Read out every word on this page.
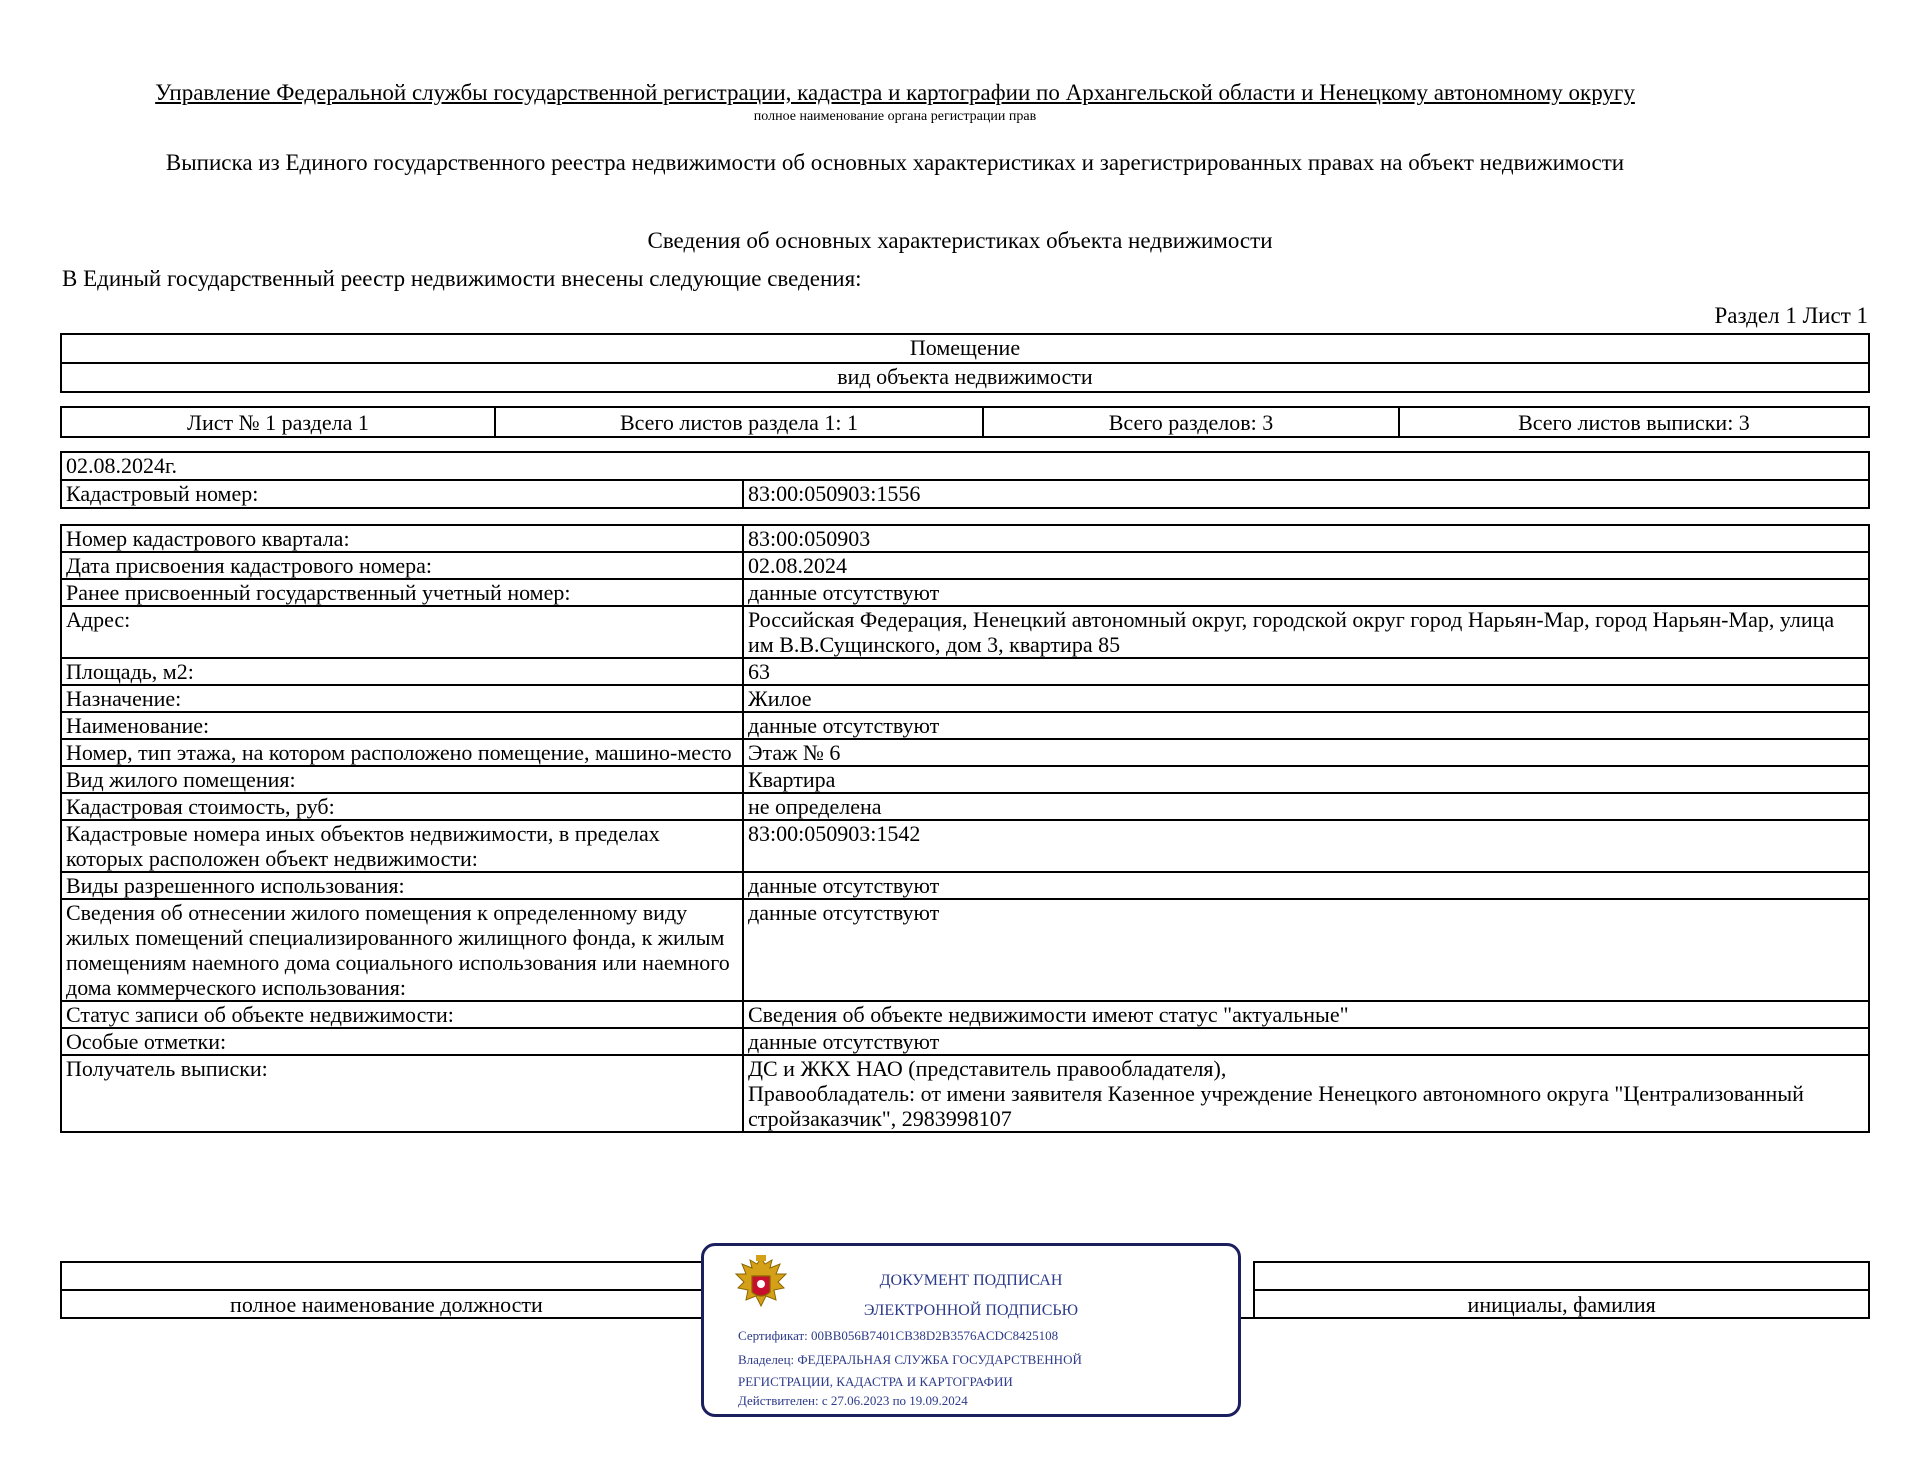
Управление Федеральной службы государственной регистрации, кадастра и картографии по Архангельской области и Ненецкому автономному округу
полное наименование органа регистрации прав
Выписка из Единого государственного реестра недвижимости об основных характеристиках и зарегистрированных правах на объект недвижимости
Сведения об основных характеристиках объекта недвижимости
В Единый государственный реестр недвижимости внесены следующие сведения:
Раздел 1 Лист 1
Помещение
вид объекта недвижимости
Лист № 1 раздела 1	Всего листов раздела 1: 1	Всего разделов: 3	Всего листов выписки: 3
02.08.2024г.
Кадастровый номер:	83:00:050903:1556
Номер кадастрового квартала:	83:00:050903
Дата присвоения кадастрового номера:	02.08.2024
Ранее присвоенный государственный учетный номер:	данные отсутствуют
Адрес:	Российская Федерация, Ненецкий автономный округ, городской округ город Нарьян-Мар, город Нарьян-Мар, улица им В.В.Сущинского, дом 3, квартира 85
Площадь, м2:	63
Назначение:	Жилое
Наименование:	данные отсутствуют
Номер, тип этажа, на котором расположено помещение, машино-место	Этаж № 6
Вид жилого помещения:	Квартира
Кадастровая стоимость, руб:	не определена
Кадастровые номера иных объектов недвижимости, в пределах которых расположен объект недвижимости:	83:00:050903:1542
Виды разрешенного использования:	данные отсутствуют
Сведения об отнесении жилого помещения к определенному виду жилых помещений специализированного жилищного фонда, к жилым помещениям наемного дома социального использования или наемного дома коммерческого использования:	данные отсутствуют
Статус записи об объекте недвижимости:	Сведения об объекте недвижимости имеют статус "актуальные"
Особые отметки:	данные отсутствуют
Получатель выписки:	ДС и ЖКХ НАО (представитель правообладателя),
Правообладатель: от имени заявителя Казенное учреждение Ненецкого автономного округа "Централизованный стройзаказчик", 2983998107

полное наименование должности		инициалы, фамилия
ДОКУМЕНТ ПОДПИСАН
ЭЛЕКТРОННОЙ ПОДПИСЬЮ
Сертификат: 00BB056B7401CB38D2B3576ACDC8425108
Владелец: ФЕДЕРАЛЬНАЯ СЛУЖБА ГОСУДАРСТВЕННОЙ
РЕГИСТРАЦИИ, КАДАСТРА И КАРТОГРАФИИ
Действителен: с 27.06.2023 по 19.09.2024
